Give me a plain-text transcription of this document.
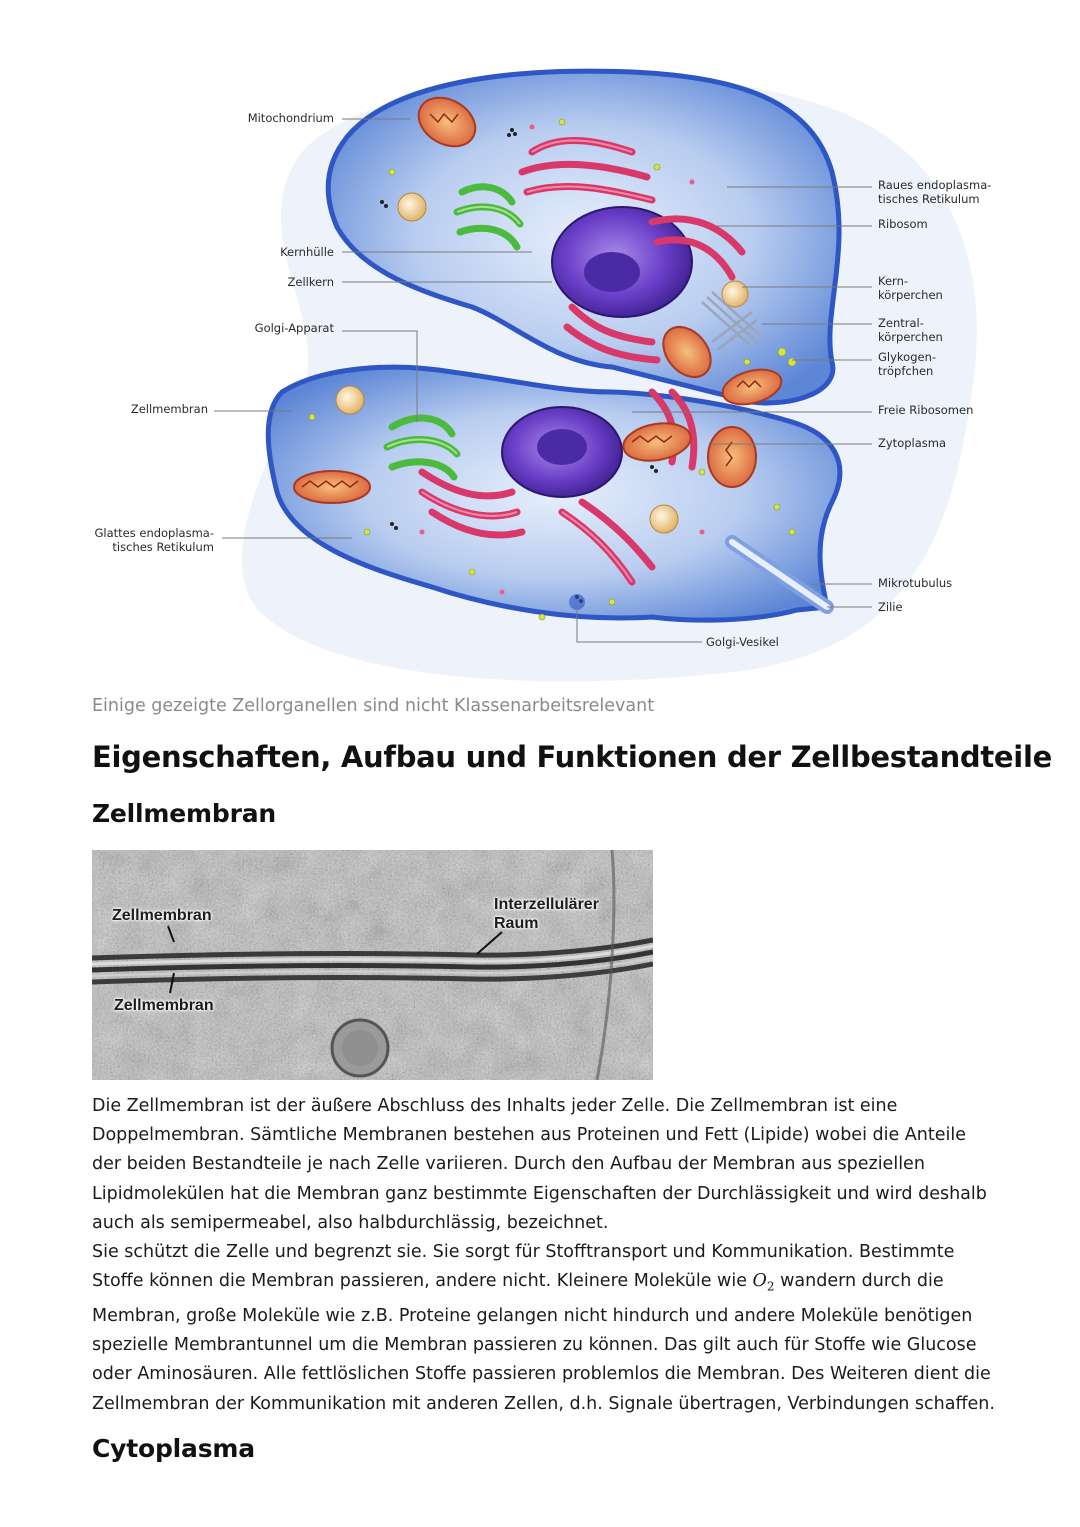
Mitochondrium
Kernhülle
Zellkern
Golgi-Apparat
Zellmembran
Glattes endoplasma-
tisches Retikulum
Raues endoplasma-
tisches Retikulum
Ribosom
Kern-
körperchen
Zentral-
körperchen
Glykogen-
tröpfchen
Freie Ribosomen
Zytoplasma
Mikrotubulus
Zilie
Golgi-Vesikel
Einige gezeigte Zellorganellen sind nicht Klassenarbeitsrelevant
Eigenschaften, Aufbau und Funktionen der Zellbestandteile
Zellmembran
Zellmembran
Zellmembran
Interzellulärer
Raum

Die Zellmembran ist der äußere Abschluss des Inhalts jeder Zelle. Die Zellmembran ist eine Doppelmembran. Sämtliche Membranen bestehen aus Proteinen und Fett (Lipide) wobei die Anteile der beiden Bestandteile je nach Zelle variieren. Durch den Aufbau der Membran aus speziellen Lipidmolekülen hat die Membran ganz bestimmte Eigenschaften der Durchlässigkeit und wird deshalb auch als semipermeabel, also halbdurchlässig, bezeichnet.

Sie schützt die Zelle und begrenzt sie. Sie sorgt für Stofftransport und Kommunikation. Bestimmte Stoffe können die Membran passieren, andere nicht. Kleinere Moleküle wie $O_2$ wandern durch die Membran, große Moleküle wie z.B. Proteine gelangen nicht hindurch und andere Moleküle benötigen spezielle Membrantunnel um die Membran passieren zu können. Das gilt auch für Stoffe wie Glucose oder Aminosäuren. Alle fettlöslichen Stoffe passieren problemlos die Membran. Des Weiteren dient die Zellmembran der Kommunikation mit anderen Zellen, d.h. Signale übertragen, Verbindungen schaffen.

Cytoplasma
